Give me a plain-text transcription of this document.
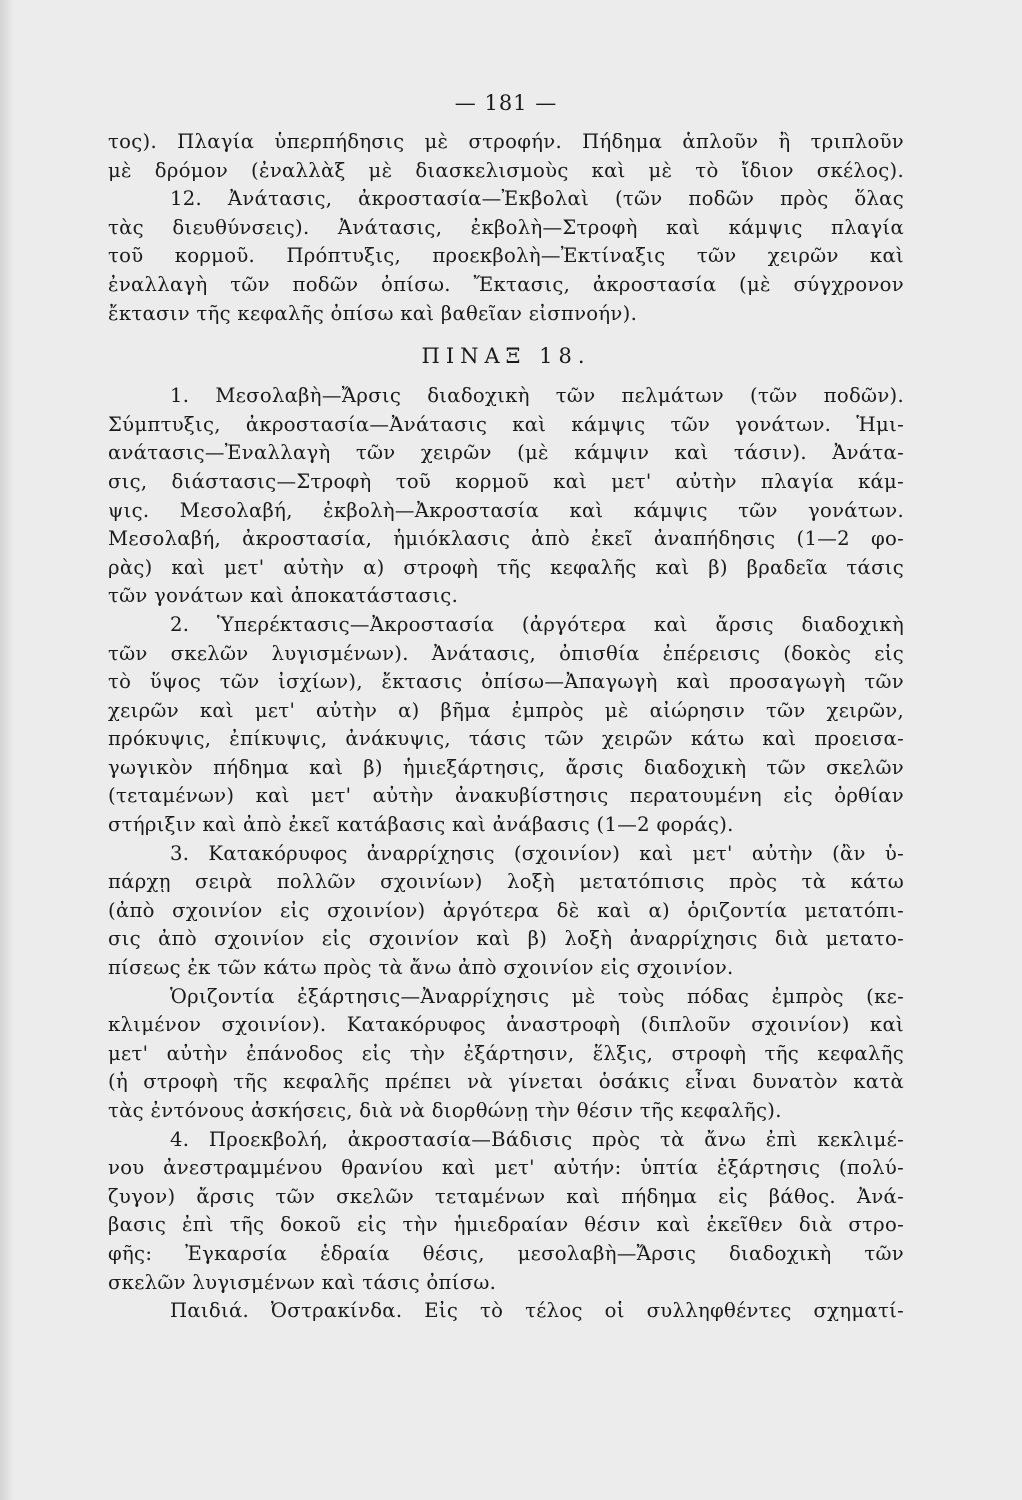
— 181 —
τος). Πλαγία ὑπερπήδησις μὲ στροφήν. Πήδημα ἁπλοῦν ἢ τριπλοῦν
μὲ δρόμον (ἐναλλὰξ μὲ διασκελισμοὺς καὶ μὲ τὸ ἴδιον σκέλος).
12. Ἀνάτασις, ἀκροστασία—Ἐκβολαὶ (τῶν ποδῶν πρὸς ὅλας
τὰς διευθύνσεις). Ἀνάτασις, ἐκβολὴ—Στροφὴ καὶ κάμψις πλαγία
τοῦ κορμοῦ. Πρόπτυξις, προεκβολὴ—Ἐκτίναξις τῶν χειρῶν καὶ
ἐναλλαγὴ τῶν ποδῶν ὀπίσω. Ἔκτασις, ἀκροστασία (μὲ σύγχρονον
ἔκτασιν τῆς κεφαλῆς ὀπίσω καὶ βαθεῖαν εἰσπνοήν).
ΠΙΝΑΞ 18.
1. Μεσολαβὴ—Ἄρσις διαδοχικὴ τῶν πελμάτων (τῶν ποδῶν).
Σύμπτυξις, ἀκροστασία—Ἀνάτασις καὶ κάμψις τῶν γονάτων. Ἡμι-
ανάτασις—Ἐναλλαγὴ τῶν χειρῶν (μὲ κάμψιν καὶ τάσιν). Ἀνάτα-
σις, διάστασις—Στροφὴ τοῦ κορμοῦ καὶ μετ' αὐτὴν πλαγία κάμ-
ψις. Μεσολαβή, ἐκβολὴ—Ἀκροστασία καὶ κάμψις τῶν γονάτων.
Μεσολαβή, ἀκροστασία, ἡμιόκλασις ἀπὸ ἐκεῖ ἀναπήδησις (1—2 φο-
ρὰς) καὶ μετ' αὐτὴν α) στροφὴ τῆς κεφαλῆς καὶ β) βραδεῖα τάσις
τῶν γονάτων καὶ ἀποκατάστασις.
2. Ὑπερέκτασις—Ἀκροστασία (ἀργότερα καὶ ἄρσις διαδοχικὴ
τῶν σκελῶν λυγισμένων). Ἀνάτασις, ὀπισθία ἐπέρεισις (δοκὸς εἰς
τὸ ὕψος τῶν ἰσχίων), ἔκτασις ὀπίσω—Ἀπαγωγὴ καὶ προσαγωγὴ τῶν
χειρῶν καὶ μετ' αὐτὴν α) βῆμα ἐμπρὸς μὲ αἰώρησιν τῶν χειρῶν,
πρόκυψις, ἐπίκυψις, ἀνάκυψις, τάσις τῶν χειρῶν κάτω καὶ προεισα-
γωγικὸν πήδημα καὶ β) ἡμιεξάρτησις, ἄρσις διαδοχικὴ τῶν σκελῶν
(τεταμένων) καὶ μετ' αὐτὴν ἀνακυβίστησις περατουμένη εἰς ὀρθίαν
στήριξιν καὶ ἀπὸ ἐκεῖ κατάβασις καὶ ἀνάβασις (1—2 φοράς).
3. Κατακόρυφος ἀναρρίχησις (σχοινίον) καὶ μετ' αὐτὴν (ἂν ὑ-
πάρχῃ σειρὰ πολλῶν σχοινίων) λοξὴ μετατόπισις πρὸς τὰ κάτω
(ἀπὸ σχοινίον εἰς σχοινίον) ἀργότερα δὲ καὶ α) ὁριζοντία μετατόπι-
σις ἀπὸ σχοινίον εἰς σχοινίον καὶ β) λοξὴ ἀναρρίχησις διὰ μετατο-
πίσεως ἐκ τῶν κάτω πρὸς τὰ ἄνω ἀπὸ σχοινίον εἰς σχοινίον.
Ὁριζοντία ἐξάρτησις—Ἀναρρίχησις μὲ τοὺς πόδας ἐμπρὸς (κε-
κλιμένον σχοινίον). Κατακόρυφος ἀναστροφὴ (διπλοῦν σχοινίον) καὶ
μετ' αὐτὴν ἐπάνοδος εἰς τὴν ἐξάρτησιν, ἕλξις, στροφὴ τῆς κεφαλῆς
(ἡ στροφὴ τῆς κεφαλῆς πρέπει νὰ γίνεται ὁσάκις εἶναι δυνατὸν κατὰ
τὰς ἐντόνους ἀσκήσεις, διὰ νὰ διορθώνῃ τὴν θέσιν τῆς κεφαλῆς).
4. Προεκβολή, ἀκροστασία—Βάδισις πρὸς τὰ ἄνω ἐπὶ κεκλιμέ-
νου ἀνεστραμμένου θρανίου καὶ μετ' αὐτήν: ὑπτία ἐξάρτησις (πολύ-
ζυγον) ἄρσις τῶν σκελῶν τεταμένων καὶ πήδημα εἰς βάθος. Ἀνά-
βασις ἐπὶ τῆς δοκοῦ εἰς τὴν ἡμιεδραίαν θέσιν καὶ ἐκεῖθεν διὰ στρο-
φῆς: Ἐγκαρσία ἑδραία θέσις, μεσολαβὴ—Ἄρσις διαδοχικὴ τῶν
σκελῶν λυγισμένων καὶ τάσις ὀπίσω.
Παιδιά. Ὀστρακίνδα. Εἰς τὸ τέλος οἱ συλληφθέντες σχηματί-
